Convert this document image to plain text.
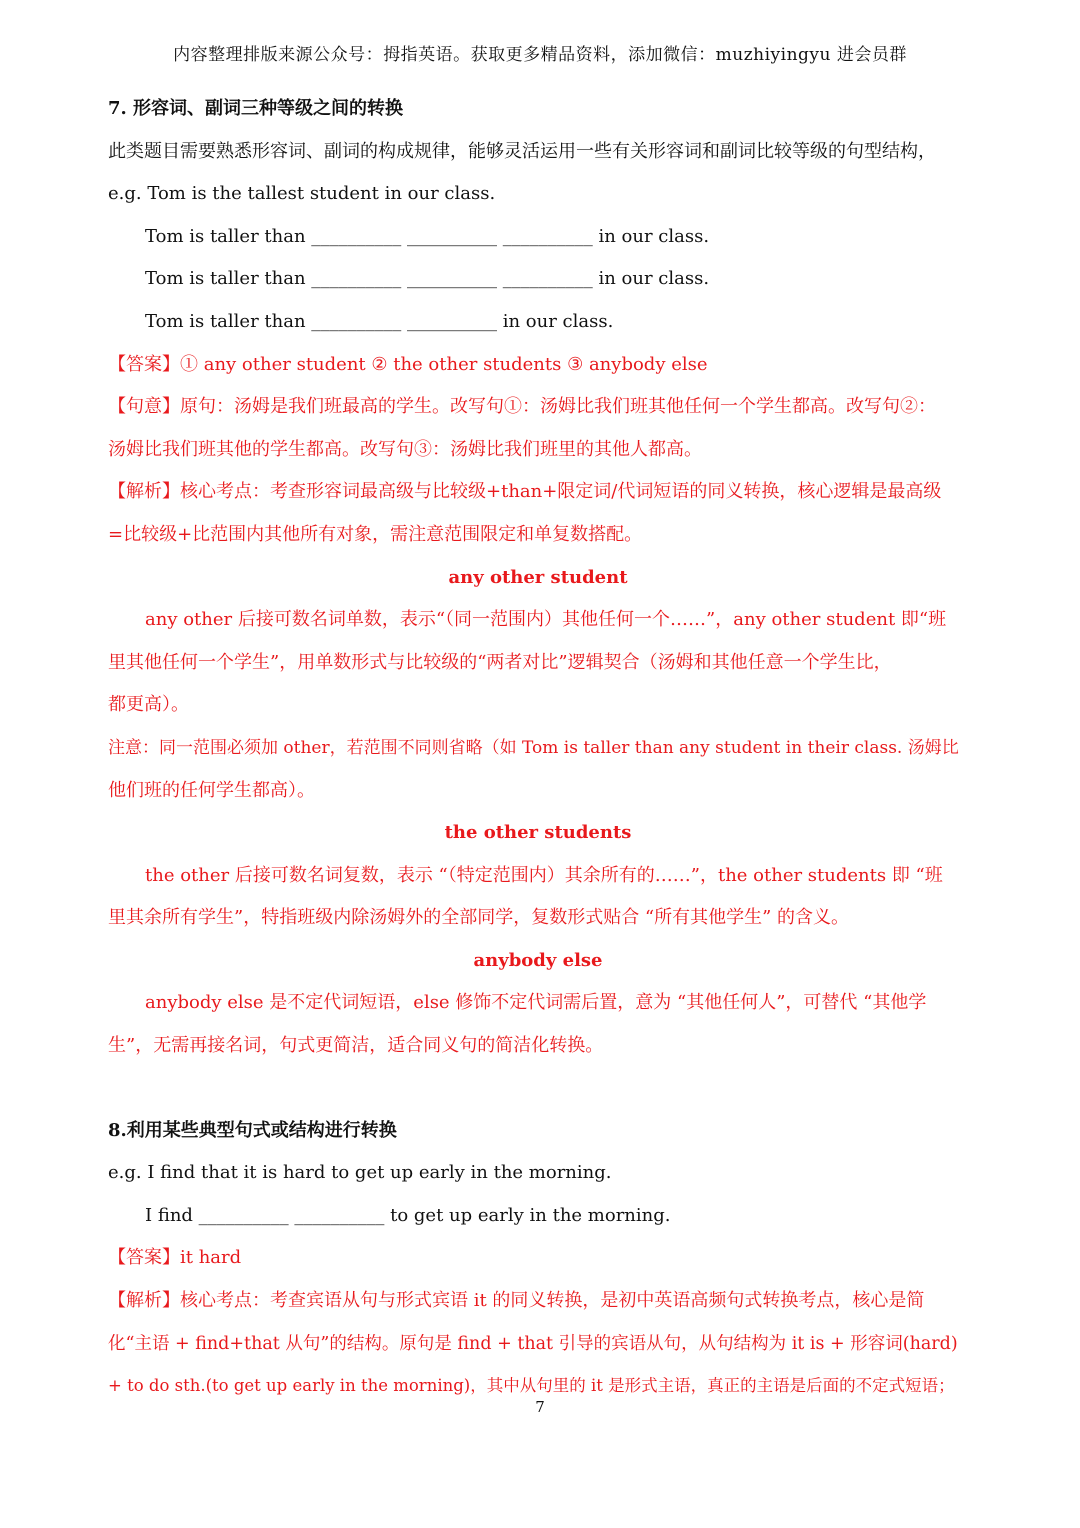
内容整理排版来源公众号：拇指英语。获取更多精品资料，添加微信：muzhiyingyu 进会员群
7. 形容词、副词三种等级之间的转换
此类题目需要熟悉形容词、副词的构成规律，能够灵活运用一些有关形容词和副词比较等级的句型结构，
e.g. Tom is the tallest student in our class.
Tom is taller than __________ __________ __________ in our class.
Tom is taller than __________ __________ __________ in our class.
Tom is taller than __________ __________ in our class.
【答案】① any other student ② the other students ③ anybody else
【句意】原句：汤姆是我们班最高的学生。改写句①：汤姆比我们班其他任何一个学生都高。改写句②：
汤姆比我们班其他的学生都高。改写句③：汤姆比我们班里的其他人都高。
【解析】核心考点：考查形容词最高级与比较级+than+限定词/代词短语的同义转换，核心逻辑是最高级
=比较级+比范围内其他所有对象，需注意范围限定和单复数搭配。
any other student
any other 后接可数名词单数，表示“（同一范围内）其他任何一个……”，any other student 即“班
里其他任何一个学生”，用单数形式与比较级的“两者对比”逻辑契合（汤姆和其他任意一个学生比，
都更高）。
注意：同一范围必须加 other，若范围不同则省略（如 Tom is taller than any student in their class. 汤姆比
他们班的任何学生都高）。
the other students
the other 后接可数名词复数，表示 “（特定范围内）其余所有的……”，the other students 即 “班
里其余所有学生”，特指班级内除汤姆外的全部同学，复数形式贴合 “所有其他学生” 的含义。
anybody else
anybody else 是不定代词短语，else 修饰不定代词需后置，意为 “其他任何人”，可替代 “其他学
生”，无需再接名词，句式更简洁，适合同义句的简洁化转换。
8.利用某些典型句式或结构进行转换
e.g. I find that it is hard to get up early in the morning.
I find __________ __________ to get up early in the morning.
【答案】it hard
【解析】核心考点：考查宾语从句与形式宾语 it 的同义转换，是初中英语高频句式转换考点，核心是简
化“主语 + find+that 从句”的结构。原句是 find + that 引导的宾语从句，从句结构为 it is + 形容词(hard)
+ to do sth.(to get up early in the morning)，其中从句里的 it 是形式主语，真正的主语是后面的不定式短语；
7
